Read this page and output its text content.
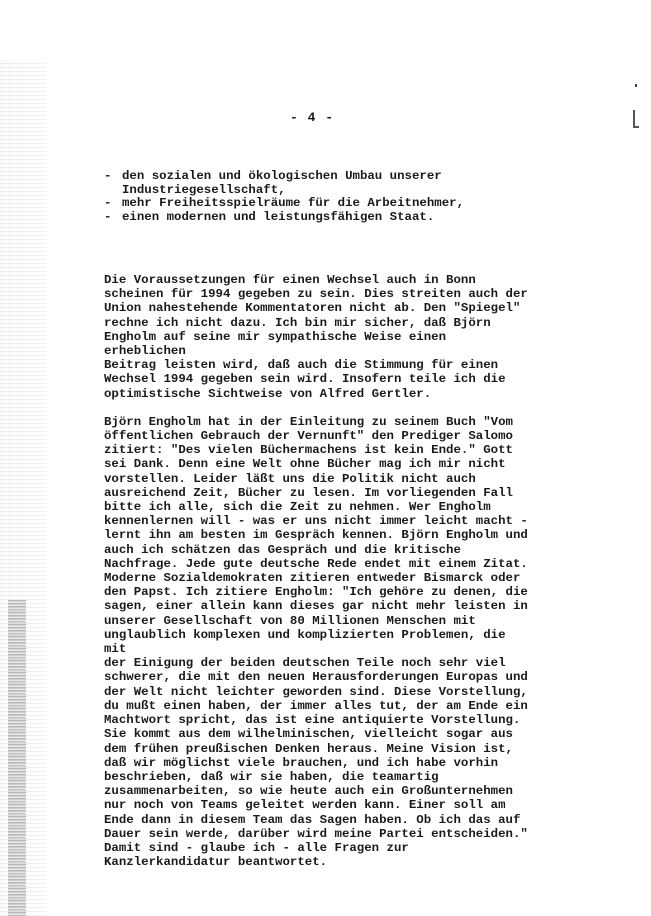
- 4 -
- den sozialen und ökologischen Umbau unserer
Industriegesellschaft,
- mehr Freiheitsspielräume für die Arbeitnehmer,
- einen modernen und leistungsfähigen Staat.

Die Voraussetzungen für einen Wechsel auch in Bonn
scheinen für 1994 gegeben zu sein. Dies streiten auch der
Union nahestehende Kommentatoren nicht ab. Den "Spiegel"
rechne ich nicht dazu. Ich bin mir sicher, daß Björn
Engholm auf seine mir sympathische Weise einen erheblichen
Beitrag leisten wird, daß auch die Stimmung für einen
Wechsel 1994 gegeben sein wird. Insofern teile ich die
optimistische Sichtweise von Alfred Gertler.

Björn Engholm hat in der Einleitung zu seinem Buch "Vom
öffentlichen Gebrauch der Vernunft" den Prediger Salomo
zitiert: "Des vielen Büchermachens ist kein Ende." Gott
sei Dank. Denn eine Welt ohne Bücher mag ich mir nicht
vorstellen. Leider läßt uns die Politik nicht auch
ausreichend Zeit, Bücher zu lesen. Im vorliegenden Fall
bitte ich alle, sich die Zeit zu nehmen. Wer Engholm
kennenlernen will - was er uns nicht immer leicht macht -
lernt ihn am besten im Gespräch kennen. Björn Engholm und
auch ich schätzen das Gespräch und die kritische
Nachfrage. Jede gute deutsche Rede endet mit einem Zitat.
Moderne Sozialdemokraten zitieren entweder Bismarck oder
den Papst. Ich zitiere Engholm: "Ich gehöre zu denen, die
sagen, einer allein kann dieses gar nicht mehr leisten in
unserer Gesellschaft von 80 Millionen Menschen mit
unglaublich komplexen und komplizierten Problemen, die mit
der Einigung der beiden deutschen Teile noch sehr viel
schwerer, die mit den neuen Herausforderungen Europas und
der Welt nicht leichter geworden sind. Diese Vorstellung,
du mußt einen haben, der immer alles tut, der am Ende ein
Machtwort spricht, das ist eine antiquierte Vorstellung.
Sie kommt aus dem wilhelminischen, vielleicht sogar aus
dem frühen preußischen Denken heraus. Meine Vision ist,
daß wir möglichst viele brauchen, und ich habe vorhin
beschrieben, daß wir sie haben, die teamartig
zusammenarbeiten, so wie heute auch ein Großunternehmen
nur noch von Teams geleitet werden kann. Einer soll am
Ende dann in diesem Team das Sagen haben. Ob ich das auf
Dauer sein werde, darüber wird meine Partei entscheiden."
Damit sind - glaube ich - alle Fragen zur
Kanzlerkandidatur beantwortet.
